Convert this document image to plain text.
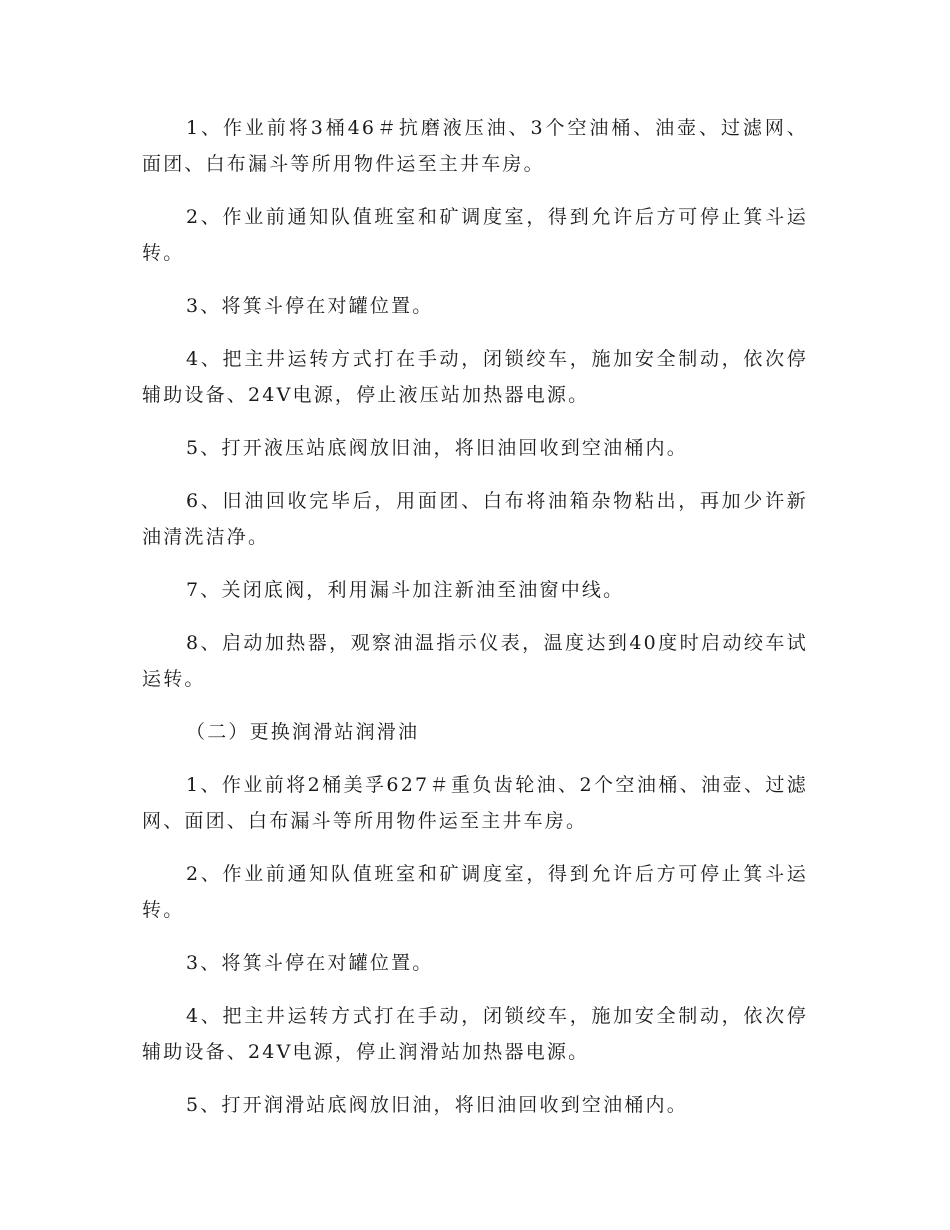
1、作业前将3桶46＃抗磨液压油、3个空油桶、油壶、过滤网、面团、白布漏斗等所用物件运至主井车房。

2、作业前通知队值班室和矿调度室，得到允许后方可停止箕斗运转。

3、将箕斗停在对罐位置。

4、把主井运转方式打在手动，闭锁绞车，施加安全制动，依次停辅助设备、24V电源，停止液压站加热器电源。

5、打开液压站底阀放旧油，将旧油回收到空油桶内。

6、旧油回收完毕后，用面团、白布将油箱杂物粘出，再加少许新油清洗洁净。

7、关闭底阀，利用漏斗加注新油至油窗中线。

8、启动加热器，观察油温指示仪表，温度达到40度时启动绞车试运转。

（二）更换润滑站润滑油

1、作业前将2桶美孚627＃重负齿轮油、2个空油桶、油壶、过滤网、面团、白布漏斗等所用物件运至主井车房。

2、作业前通知队值班室和矿调度室，得到允许后方可停止箕斗运转。

3、将箕斗停在对罐位置。

4、把主井运转方式打在手动，闭锁绞车，施加安全制动，依次停辅助设备、24V电源，停止润滑站加热器电源。

5、打开润滑站底阀放旧油，将旧油回收到空油桶内。
